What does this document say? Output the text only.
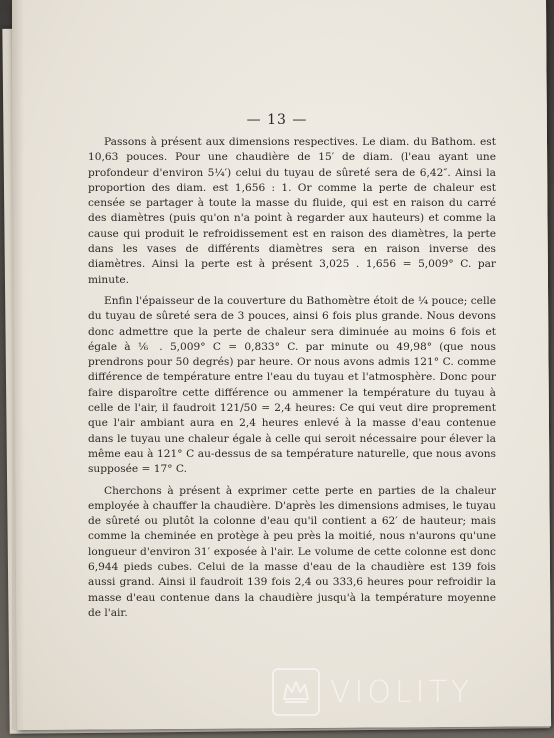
— 13 —

Passons à présent aux dimensions respectives. Le diam. du Bathom. est 10,63 pouces. Pour une chaudière de 15′ de diam. (l'eau ayant une profondeur d'environ 5¼′) celui du tuyau de sûreté sera de 6,42″. Ainsi la proportion des diam. est 1,656 : 1. Or comme la perte de chaleur est censée se partager à toute la masse du fluide, qui est en raison du carré des diamètres (puis qu'on n'a point à regarder aux hauteurs) et comme la cause qui produit le refroidissement est en raison des diamètres, la perte dans les vases de différents diamètres sera en raison inverse des diamètres. Ainsi la perte est à présent 3,025 . 1,656 = 5,009° C. par minute.

Enfin l'épaisseur de la couverture du Bathomètre étoit de ¼ pouce; celle du tuyau de sûreté sera de 3 pouces, ainsi 6 fois plus grande. Nous devons donc admettre que la perte de chaleur sera diminuée au moins 6 fois et égale à ⅙ . 5,009° C = 0,833° C. par minute ou 49,98° (que nous prendrons pour 50 degrés) par heure. Or nous avons admis 121° C. comme différence de température entre l'eau du tuyau et l'atmosphère. Donc pour faire disparoître cette différence ou ammener la température du tuyau à celle de l'air, il faudroit 121/50 = 2,4 heures: Ce qui veut dire proprement que l'air ambiant aura en 2,4 heures enlevé à la masse d'eau contenue dans le tuyau une chaleur égale à celle qui seroit nécessaire pour élever la même eau à 121° C au-dessus de sa température naturelle, que nous avons supposée = 17° C.

Cherchons à présent à exprimer cette perte en parties de la chaleur employée à chauffer la chaudière. D'après les dimensions admises, le tuyau de sûreté ou plutôt la colonne d'eau qu'il contient a 62′ de hauteur; mais comme la cheminée en protège à peu près la moitié, nous n'aurons qu'une longueur d'environ 31′ exposée à l'air. Le volume de cette colonne est donc 6,944 pieds cubes. Celui de la masse d'eau de la chaudière est 139 fois aussi grand. Ainsi il faudroit 139 fois 2,4 ou 333,6 heures pour refroidir la masse d'eau contenue dans la chaudière jusqu'à la température moyenne de l'air.

VIOLITY
